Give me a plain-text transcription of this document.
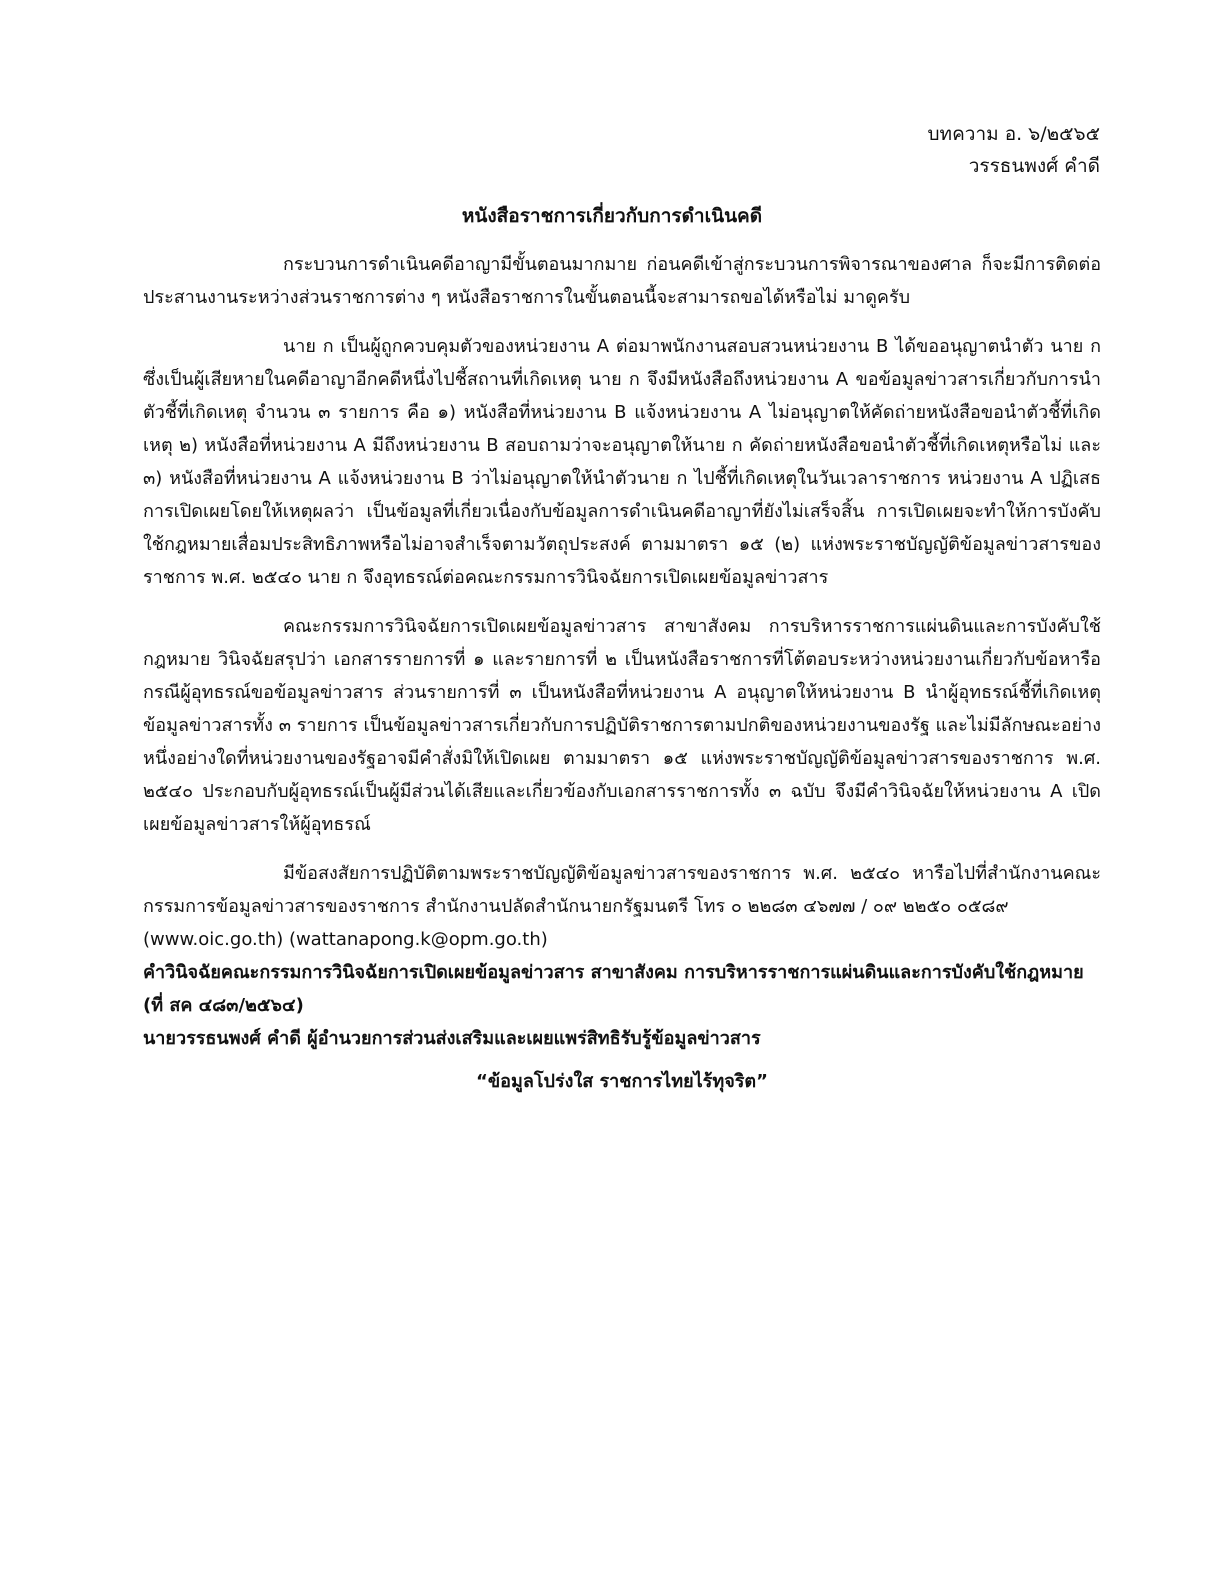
บทความ อ. ๖/๒๕๖๕
วรรธนพงศ์ คำดี
หนังสือราชการเกี่ยวกับการดำเนินคดี

กระบวนการดำเนินคดีอาญามีขั้นตอนมากมาย ก่อนคดีเข้าสู่กระบวนการพิจารณาของศาล ก็จะมีการติดต่อประสานงานระหว่างส่วนราชการต่าง ๆ หนังสือราชการในขั้นตอนนี้จะสามารถขอได้หรือไม่ มาดูครับ

นาย ก เป็นผู้ถูกควบคุมตัวของหน่วยงาน A ต่อมาพนักงานสอบสวนหน่วยงาน B ได้ขออนุญาตนำตัว นาย ก ซึ่งเป็นผู้เสียหายในคดีอาญาอีกคดีหนึ่งไปชี้สถานที่เกิดเหตุ นาย ก จึงมีหนังสือถึงหน่วยงาน A ขอข้อมูลข่าวสารเกี่ยวกับการนำตัวชี้ที่เกิดเหตุ จำนวน ๓ รายการ คือ ๑) หนังสือที่หน่วยงาน B แจ้งหน่วยงาน A ไม่อนุญาตให้คัดถ่ายหนังสือขอนำตัวชี้ที่เกิดเหตุ ๒) หนังสือที่หน่วยงาน A มีถึงหน่วยงาน B สอบถามว่าจะอนุญาตให้นาย ก คัดถ่ายหนังสือขอนำตัวชี้ที่เกิดเหตุหรือไม่ และ ๓) หนังสือที่หน่วยงาน A แจ้งหน่วยงาน B ว่าไม่อนุญาตให้นำตัวนาย ก ไปชี้ที่เกิดเหตุในวันเวลาราชการ หน่วยงาน A ปฏิเสธการเปิดเผยโดยให้เหตุผลว่า เป็นข้อมูลที่เกี่ยวเนื่องกับข้อมูลการดำเนินคดีอาญาที่ยังไม่เสร็จสิ้น การเปิดเผยจะทำให้การบังคับใช้กฎหมายเสื่อมประสิทธิภาพหรือไม่อาจสำเร็จตามวัตถุประสงค์ ตามมาตรา ๑๕ (๒) แห่งพระราชบัญญัติข้อมูลข่าวสารของราชการ พ.ศ. ๒๕๔๐ นาย ก จึงอุทธรณ์ต่อคณะกรรมการวินิจฉัยการเปิดเผยข้อมูลข่าวสาร

คณะกรรมการวินิจฉัยการเปิดเผยข้อมูลข่าวสาร สาขาสังคม การบริหารราชการแผ่นดินและการบังคับใช้กฎหมาย วินิจฉัยสรุปว่า เอกสารรายการที่ ๑ และรายการที่ ๒ เป็นหนังสือราชการที่โต้ตอบระหว่างหน่วยงานเกี่ยวกับข้อหารือกรณีผู้อุทธรณ์ขอข้อมูลข่าวสาร ส่วนรายการที่ ๓ เป็นหนังสือที่หน่วยงาน A อนุญาตให้หน่วยงาน B นำผู้อุทธรณ์ชี้ที่เกิดเหตุ ข้อมูลข่าวสารทั้ง ๓ รายการ เป็นข้อมูลข่าวสารเกี่ยวกับการปฏิบัติราชการตามปกติของหน่วยงานของรัฐ และไม่มีลักษณะอย่างหนึ่งอย่างใดที่หน่วยงานของรัฐอาจมีคำสั่งมิให้เปิดเผย ตามมาตรา ๑๕ แห่งพระราชบัญญัติข้อมูลข่าวสารของราชการ พ.ศ. ๒๕๔๐ ประกอบกับผู้อุทธรณ์เป็นผู้มีส่วนได้เสียและเกี่ยวข้องกับเอกสารราชการทั้ง ๓ ฉบับ จึงมีคำวินิจฉัยให้หน่วยงาน A เปิดเผยข้อมูลข่าวสารให้ผู้อุทธรณ์

มีข้อสงสัยการปฏิบัติตามพระราชบัญญัติข้อมูลข่าวสารของราชการ พ.ศ. ๒๕๔๐ หารือไปที่สำนักงานคณะกรรมการข้อมูลข่าวสารของราชการ สำนักงานปลัดสำนักนายกรัฐมนตรี โทร ๐ ๒๒๘๓ ๔๖๗๗ / ๐๙ ๒๒๕๐ ๐๕๘๙

(www.oic.go.th) (wattanapong.k@opm.go.th)

คำวินิจฉัยคณะกรรมการวินิจฉัยการเปิดเผยข้อมูลข่าวสาร สาขาสังคม การบริหารราชการแผ่นดินและการบังคับใช้กฎหมาย (ที่ สค ๔๘๓/๒๕๖๔)

นายวรรธนพงศ์ คำดี ผู้อำนวยการส่วนส่งเสริมและเผยแพร่สิทธิรับรู้ข้อมูลข่าวสาร

“ข้อมูลโปร่งใส ราชการไทยไร้ทุจริต”
